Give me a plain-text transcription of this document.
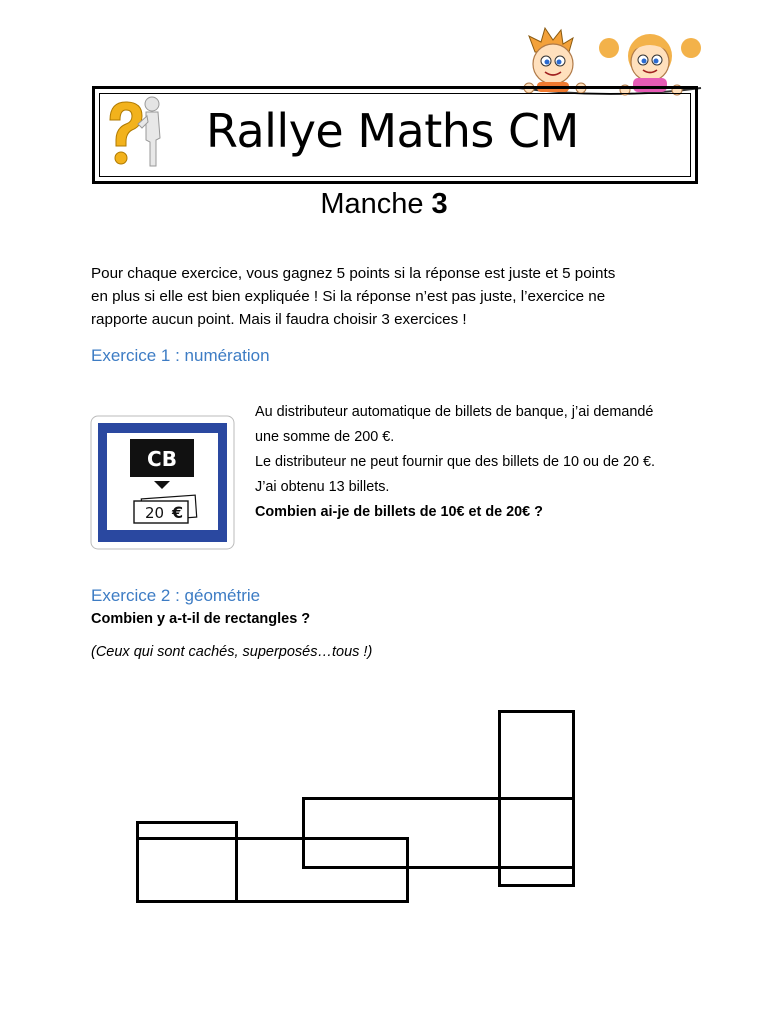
Rallye Maths CM
Manche 3
Pour chaque exercice, vous gagnez 5 points si la réponse est juste et 5 points
en plus si elle est bien expliquée ! Si la réponse n’est pas juste, l’exercice ne
rapporte aucun point. Mais il faudra choisir 3 exercices !
Exercice 1 : numération
CB
20 €
Au distributeur automatique de billets de banque, j’ai demandé
une somme de 200 €.
Le distributeur ne peut fournir que des billets de 10 ou de 20 €.
J’ai obtenu 13 billets.
Combien ai-je de billets de 10€ et de 20€ ?
Exercice 2 : géométrie
Combien y a-t-il de rectangles ?
(Ceux qui sont cachés, superposés…tous !)
